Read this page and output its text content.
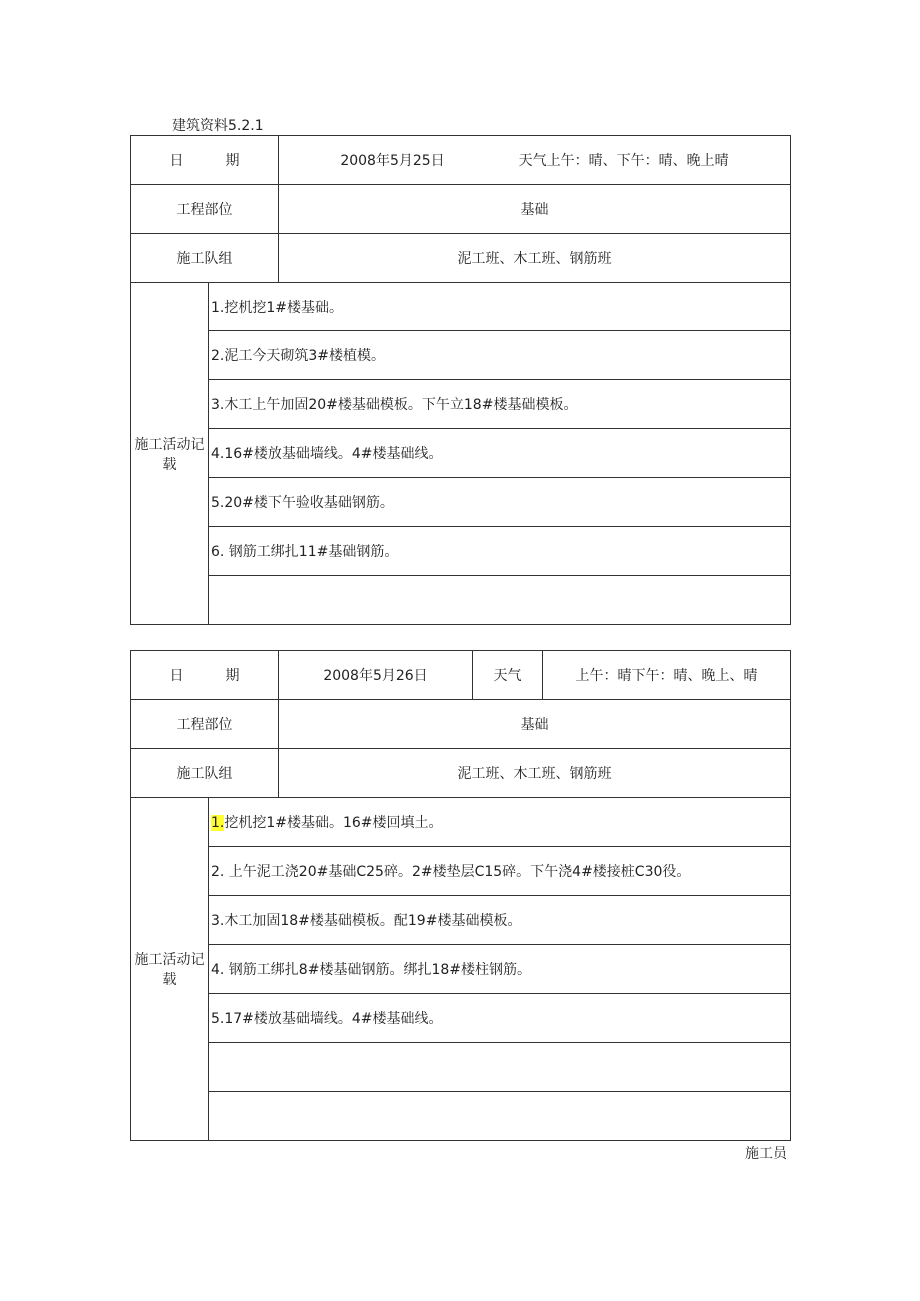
建筑资料5.2.1
日 期		2008年5月25日 天气上午：晴、下午：晴、晚上晴
工程部位		基础
施工队组		泥工班、木工班、钢筋班
施工活动记载	1.挖机挖1#楼基础。	
	2.泥工今天砌筑3#楼植模。	
	3.木工上午加固20#楼基础模板。下午立18#楼基础模板。	
	4.16#楼放基础墙线。4#楼基础线。	
	5.20#楼下午验收基础钢筋。	
	6. 钢筋工绑扎11#基础钢筋。	

日 期		2008年5月26日	天气	上午：晴下午：晴、晚上、晴
工程部位		基础		
施工队组		泥工班、木工班、钢筋班		
施工活动记载	1.挖机挖1#楼基础。16#楼回填土。			
	2. 上午泥工浇20#基础C25碎。2#楼垫层C15碎。下午浇4#楼接桩C30役。			
	3.木工加固18#楼基础模板。配19#楼基础模板。			
	4. 钢筋工绑扎8#楼基础钢筋。绑扎18#楼柱钢筋。			
	5.17#楼放基础墙线。4#楼基础线。			

施工员
